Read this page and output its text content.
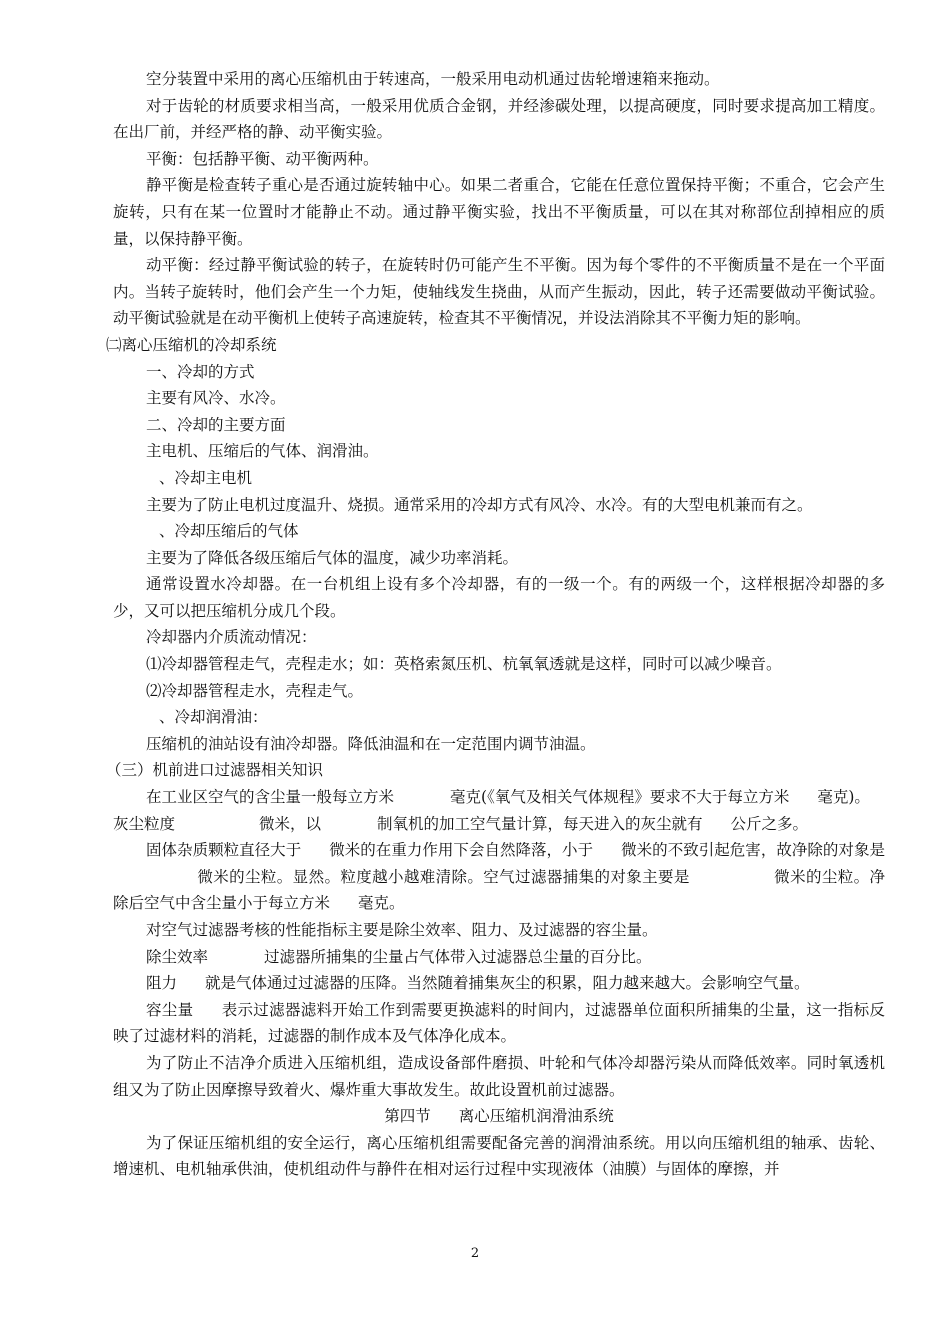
空分装置中采用的离心压缩机由于转速高，一般采用电动机通过齿轮增速箱来拖动。

对于齿轮的材质要求相当高，一般采用优质合金钢，并经渗碳处理，以提高硬度，同时要求提高加工精度。在出厂前，并经严格的静、动平衡实验。

平衡：包括静平衡、动平衡两种。

静平衡是检查转子重心是否通过旋转轴中心。如果二者重合，它能在任意位置保持平衡；不重合，它会产生旋转，只有在某一位置时才能静止不动。通过静平衡实验，找出不平衡质量，可以在其对称部位刮掉相应的质量，以保持静平衡。

动平衡：经过静平衡试验的转子，在旋转时仍可能产生不平衡。因为每个零件的不平衡质量不是在一个平面内。当转子旋转时，他们会产生一个力矩，使轴线发生挠曲，从而产生振动，因此，转子还需要做动平衡试验。动平衡试验就是在动平衡机上使转子高速旋转，检查其不平衡情况，并设法消除其不平衡力矩的影响。

㈡离心压缩机的冷却系统

一、冷却的方式

主要有风冷、水冷。

二、冷却的主要方面

主电机、压缩后的气体、润滑油。

、冷却主电机

主要为了防止电机过度温升、烧损。通常采用的冷却方式有风冷、水冷。有的大型电机兼而有之。

、冷却压缩后的气体

主要为了降低各级压缩后气体的温度，减少功率消耗。

通常设置水冷却器。在一台机组上设有多个冷却器，有的一级一个。有的两级一个，这样根据冷却器的多少，又可以把压缩机分成几个段。

冷却器内介质流动情况：

⑴冷却器管程走气，壳程走水；如：英格索氮压机、杭氧氧透就是这样，同时可以减少噪音。

⑵冷却器管程走水，壳程走气。

、冷却润滑油：

压缩机的油站设有油冷却器。降低油温和在一定范围内调节油温。

（三）机前进口过滤器相关知识

在工业区空气的含尘量一般每立方米	毫克(《氧气及相关气体规程》要求不大于每立方米 毫克)。

灰尘粒度	微米，以	制氧机的加工空气量计算，每天进入的灰尘就有 公斤之多。

固体杂质颗粒直径大于 微米的在重力作用下会自然降落，小于 微米的不致引起危害，故净除的对象是微米的尘粒。显然。粒度越小越难清除。空气过滤器捕集的对象主要是	微米的尘粒。净除后空气中含尘量小于每立方米 毫克。

对空气过滤器考核的性能指标主要是除尘效率、阻力、及过滤器的容尘量。

除尘效率	过滤器所捕集的尘量占气体带入过滤器总尘量的百分比。

阻力 就是气体通过过滤器的压降。当然随着捕集灰尘的积累，阻力越来越大。会影响空气量。

容尘量 表示过滤器滤料开始工作到需要更换滤料的时间内，过滤器单位面积所捕集的尘量，这一指标反映了过滤材料的消耗，过滤器的制作成本及气体净化成本。

为了防止不洁净介质进入压缩机组，造成设备部件磨损、叶轮和气体冷却器污染从而降低效率。同时氧透机组又为了防止因摩擦导致着火、爆炸重大事故发生。故此设置机前过滤器。

第四节 离心压缩机润滑油系统

为了保证压缩机组的安全运行，离心压缩机组需要配备完善的润滑油系统。用以向压缩机组的轴承、齿轮、增速机、电机轴承供油，使机组动件与静件在相对运行过程中实现液体（油膜）与固体的摩擦，并

2
